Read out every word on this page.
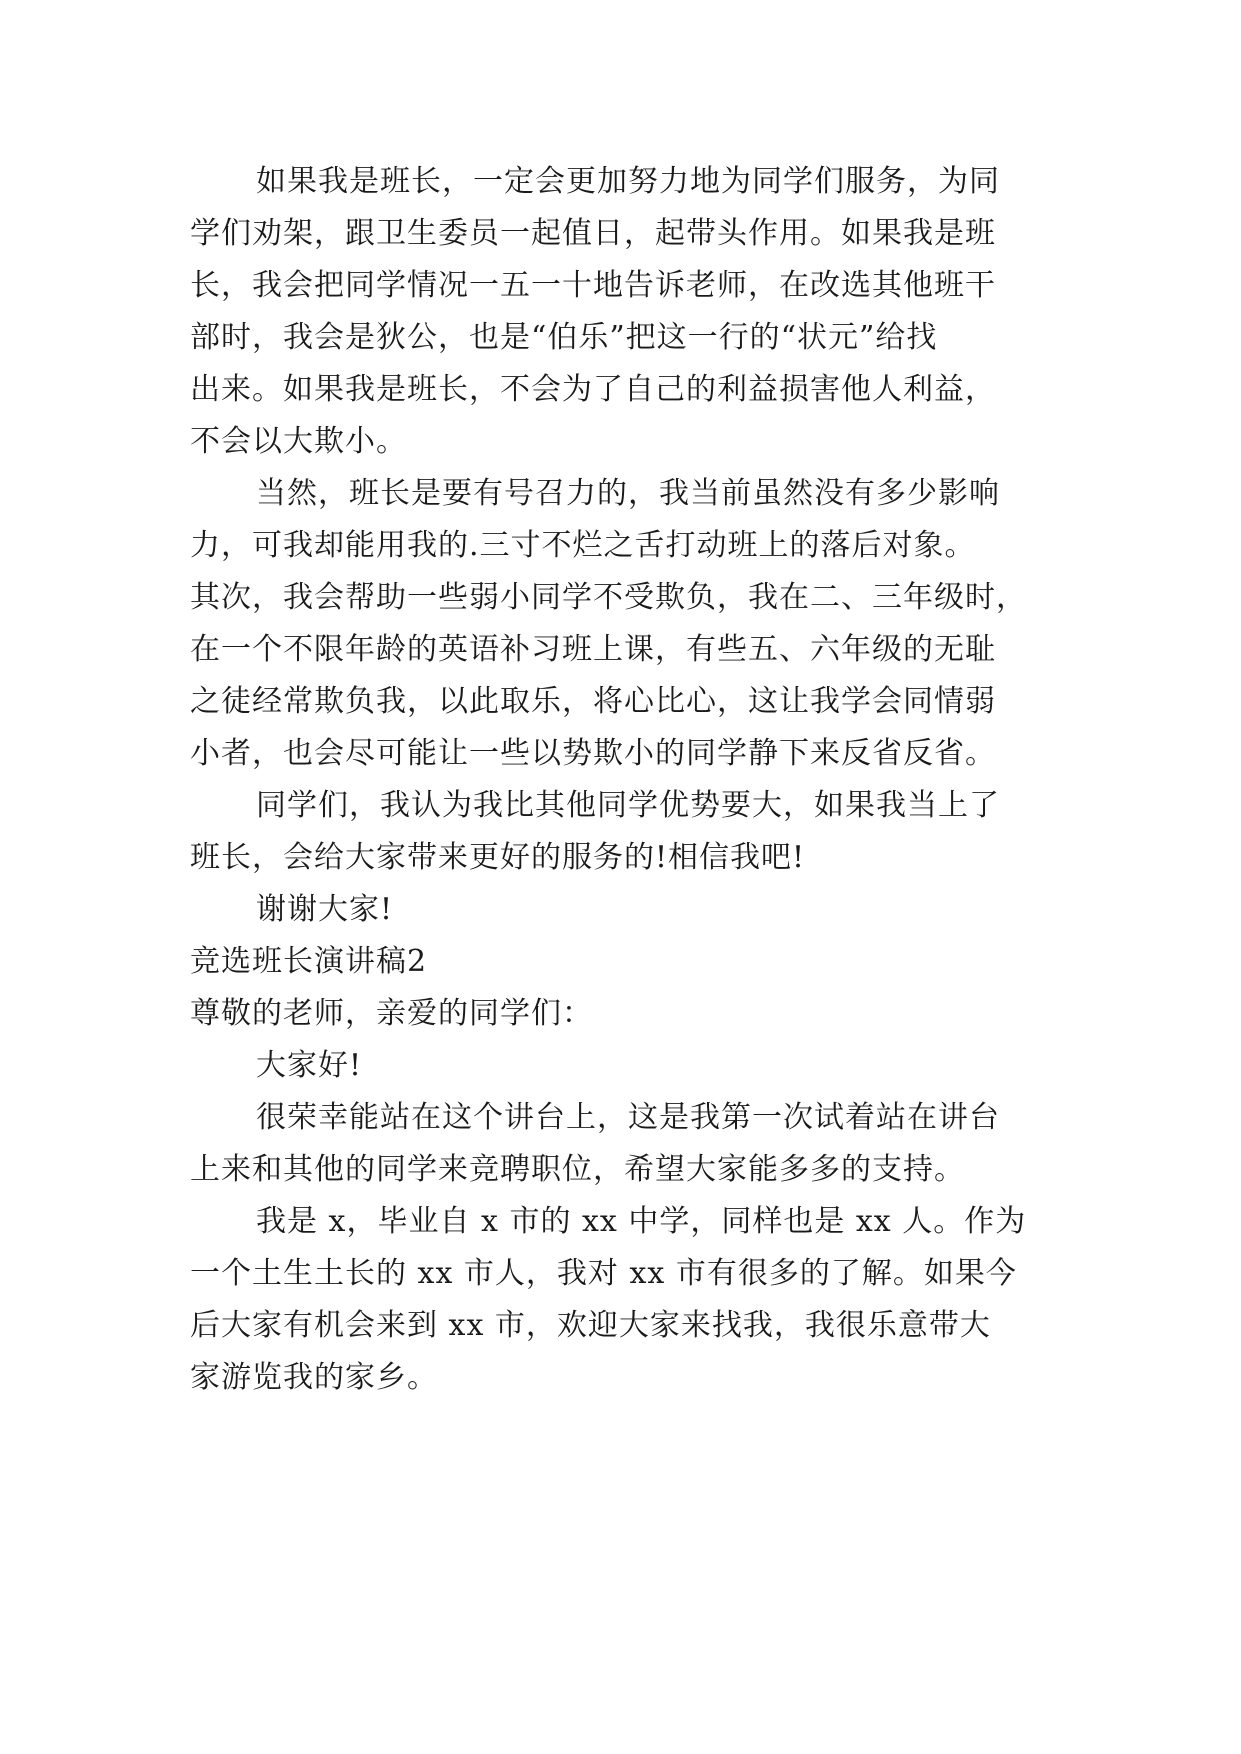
如果我是班长，一定会更加努力地为同学们服务，为同
学们劝架，跟卫生委员一起值日，起带头作用。如果我是班
长，我会把同学情况一五一十地告诉老师，在改选其他班干
部时，我会是狄公，也是“伯乐”把这一行的“状元”给找
出来。如果我是班长，不会为了自己的利益损害他人利益，
不会以大欺小。
当然，班长是要有号召力的，我当前虽然没有多少影响
力，可我却能用我的.三寸不烂之舌打动班上的落后对象。
其次，我会帮助一些弱小同学不受欺负，我在二、三年级时，
在一个不限年龄的英语补习班上课，有些五、六年级的无耻
之徒经常欺负我，以此取乐，将心比心，这让我学会同情弱
小者，也会尽可能让一些以势欺小的同学静下来反省反省。
同学们，我认为我比其他同学优势要大，如果我当上了
班长，会给大家带来更好的服务的!相信我吧!
谢谢大家!
竞选班长演讲稿2
尊敬的老师，亲爱的同学们：
大家好!
很荣幸能站在这个讲台上，这是我第一次试着站在讲台
上来和其他的同学来竞聘职位，希望大家能多多的支持。
我是 x，毕业自 x 市的 xx 中学，同样也是 xx 人。作为
一个土生土长的 xx 市人，我对 xx 市有很多的了解。如果今
后大家有机会来到 xx 市，欢迎大家来找我，我很乐意带大
家游览我的家乡。
